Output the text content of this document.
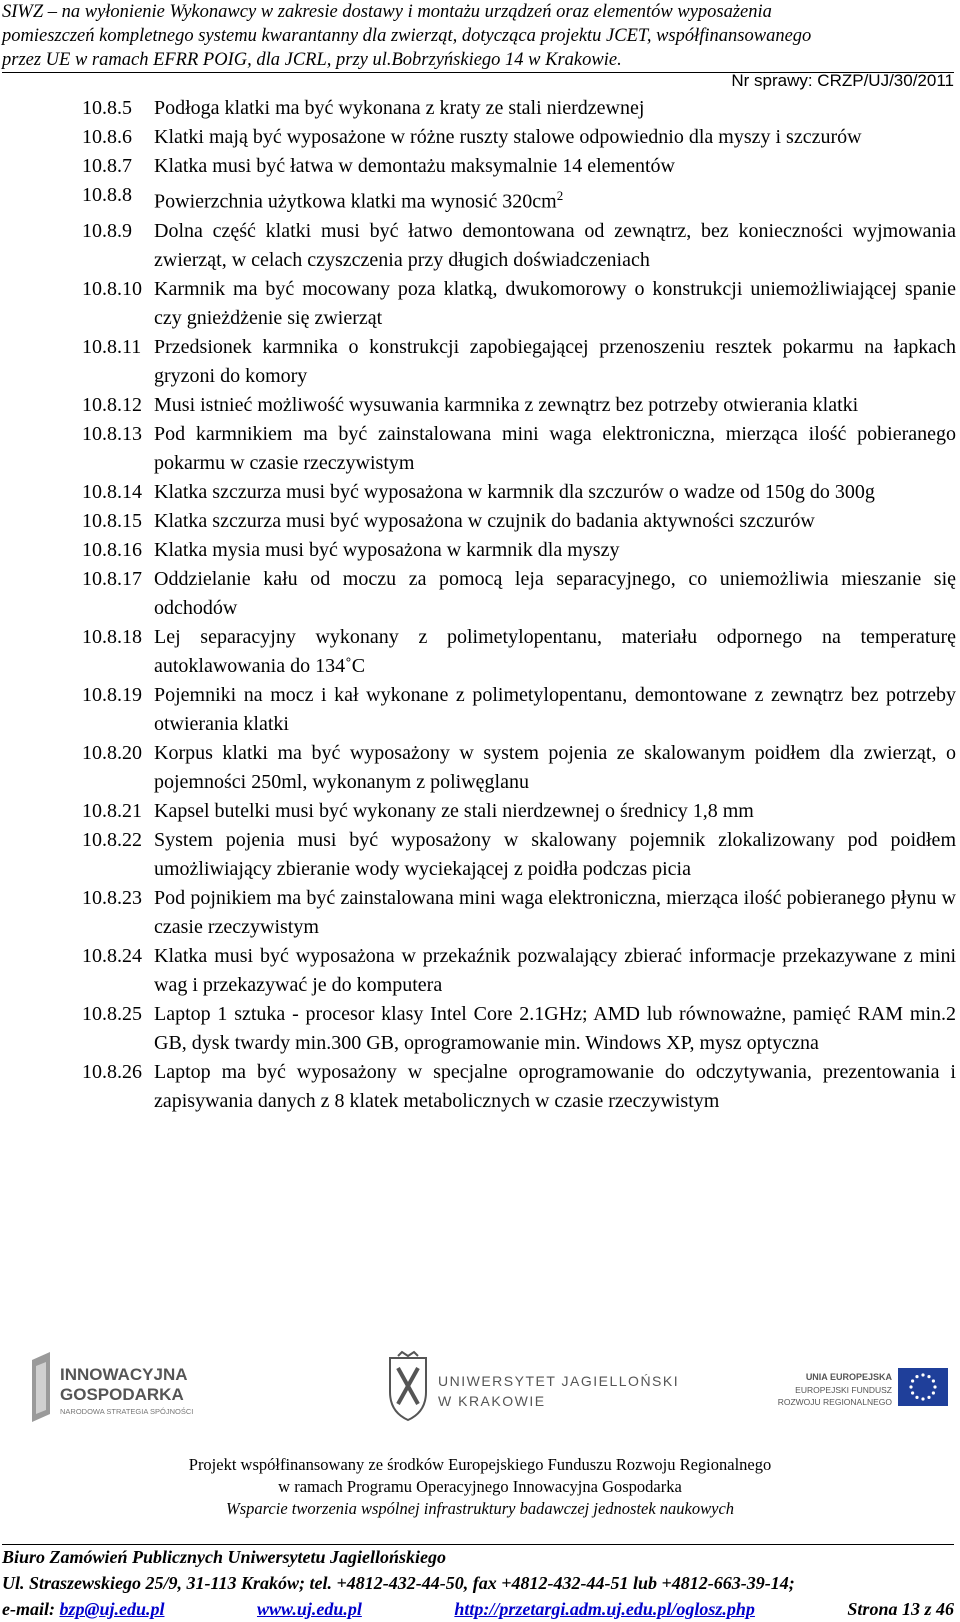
SIWZ – na wyłonienie Wykonawcy w zakresie dostawy i montażu urządzeń oraz elementów wyposażenia
pomieszczeń kompletnego systemu kwarantanny dla zwierząt, dotycząca projektu JCET, współfinansowanego
przez UE w ramach EFRR POIG, dla JCRL, przy ul.Bobrzyńskiego 14 w Krakowie.
Nr sprawy: CRZP/UJ/30/2011
10.8.5	Podłoga klatki ma być wykonana z kraty ze stali nierdzewnej
10.8.6	Klatki mają być wyposażone w różne ruszty stalowe odpowiednio dla myszy i szczurów
10.8.7	Klatka musi być łatwa w demontażu maksymalnie 14 elementów
10.8.8	Powierzchnia użytkowa klatki ma wynosić $320cm^2$
10.8.9	Dolna część klatki musi być łatwo demontowana od zewnątrz, bez konieczności wyjmowania zwierząt, w celach czyszczenia przy długich doświadczeniach
10.8.10 Karmnik ma być mocowany poza klatką, dwukomorowy o konstrukcji uniemożliwiającej spanie czy gnieżdżenie się zwierząt
10.8.11 Przedsionek karmnika o konstrukcji zapobiegającej przenoszeniu resztek pokarmu na łapkach gryzoni do komory
10.8.12 Musi istnieć możliwość wysuwania karmnika z zewnątrz bez potrzeby otwierania klatki
10.8.13 Pod karmnikiem ma być zainstalowana mini waga elektroniczna, mierząca ilość pobieranego pokarmu w czasie rzeczywistym
10.8.14 Klatka szczurza musi być wyposażona w karmnik dla szczurów o wadze od 150g do 300g
10.8.15 Klatka szczurza musi być wyposażona w czujnik do badania aktywności szczurów
10.8.16 Klatka mysia musi być wyposażona w karmnik dla myszy
10.8.17 Oddzielanie kału od moczu za pomocą leja separacyjnego, co uniemożliwia mieszanie się odchodów
10.8.18 Lej separacyjny wykonany z polimetylopentanu, materiału odpornego na temperaturę autoklawowania do 134˚C
10.8.19 Pojemniki na mocz i kał wykonane z polimetylopentanu, demontowane z zewnątrz bez potrzeby otwierania klatki
10.8.20 Korpus klatki ma być wyposażony w system pojenia ze skalowanym poidłem dla zwierząt, o pojemności 250ml, wykonanym z poliwęglanu
10.8.21 Kapsel butelki musi być wykonany ze stali nierdzewnej o średnicy 1,8 mm
10.8.22 System pojenia musi być wyposażony w skalowany pojemnik zlokalizowany pod poidłem umożliwiający zbieranie wody wyciekającej z poidła podczas picia
10.8.23 Pod pojnikiem ma być zainstalowana mini waga elektroniczna, mierząca ilość pobieranego płynu w czasie rzeczywistym
10.8.24 Klatka musi być wyposażona w przekaźnik pozwalający zbierać informacje przekazywane z mini wag i przekazywać je do komputera
10.8.25 Laptop 1 sztuka - procesor klasy Intel Core 2.1GHz; AMD lub równoważne, pamięć RAM min.2 GB, dysk twardy min.300 GB, oprogramowanie min. Windows XP, mysz optyczna
10.8.26 Laptop ma być wyposażony w specjalne oprogramowanie do odczytywania, prezentowania i zapisywania danych z 8 klatek metabolicznych w czasie rzeczywistym
INNOWACYJNA
GOSPODARKA
NARODOWA STRATEGIA SPÓJNOŚCI
UNIWERSYTET JAGIELLOŃSKI
W KRAKOWIE
UNIA EUROPEJSKA
EUROPEJSKI FUNDUSZ
ROZWOJU REGIONALNEGO
Projekt współfinansowany ze środków Europejskiego Funduszu Rozwoju Regionalnego
w ramach Programu Operacyjnego Innowacyjna Gospodarka
Wsparcie tworzenia wspólnej infrastruktury badawczej jednostek naukowych
Biuro Zamówień Publicznych Uniwersytetu Jagiellońskiego
Ul. Straszewskiego 25/9, 31-113 Kraków; tel. +4812-432-44-50, fax +4812-432-44-51 lub +4812-663-39-14;
e-mail: bzp@uj.edu.pl	www.uj.edu.pl	http://przetargi.adm.uj.edu.pl/oglosz.php	Strona 13 z 46
